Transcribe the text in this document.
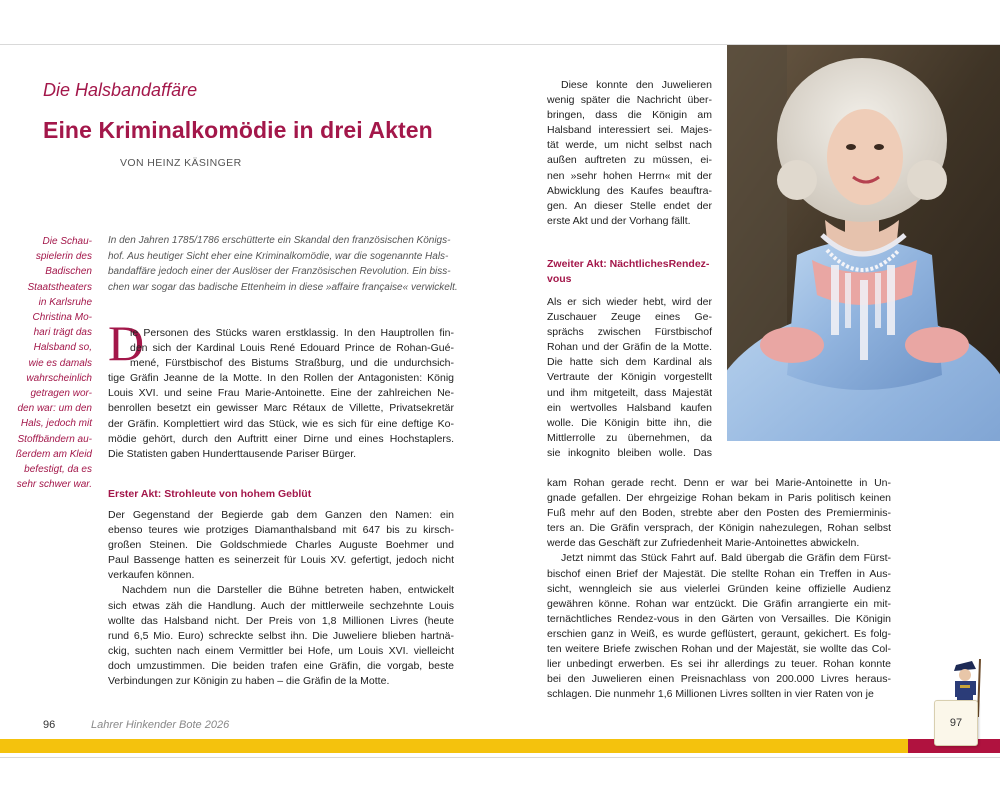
Die Halsbandaffäre
Eine Kriminalkomödie in drei Akten
VON HEINZ KÄSINGER
Die Schau-
spielerin des
Badischen
Staatstheaters
in Karlsruhe
Christina Mo-
hari trägt das
Halsband so,
wie es damals
wahrscheinlich
getragen wor-
den war: um den
Hals, jedoch mit
Stoffbändern au-
ßerdem am Kleid
befestigt, da es
sehr schwer war.
In den Jahren 1785/1786 erschütterte ein Skandal den französischen Königs-
hof. Aus heutiger Sicht eher eine Kriminalkomödie, war die sogenannte Hals-
bandaffäre jedoch einer der Auslöser der Französischen Revolution. Ein biss-
chen war sogar das badische Ettenheim in diese »affaire française« verwickelt.
D
ie Personen des Stücks waren erstklassig. In den Hauptrollen fin-
den sich der Kardinal Louis René Edouard Prince de Rohan-Gué-
mené, Fürstbischof des Bistums Straßburg, und die undurchsich-
tige Gräfin Jeanne de la Motte. In den Rollen der Antagonisten: König
Louis XVI. und seine Frau Marie-Antoinette. Eine der zahlreichen Ne-
benrollen besetzt ein gewisser Marc Rétaux de Villette, Privatsekretär
der Gräfin. Komplettiert wird das Stück, wie es sich für eine deftige Ko-
mödie gehört, durch den Auftritt einer Dirne und eines Hochstaplers.
Die Statisten gaben Hunderttausende Pariser Bürger.
Erster Akt: Strohleute von hohem Geblüt
Der Gegenstand der Begierde gab dem Ganzen den Namen: ein
ebenso teures wie protziges Diamanthalsband mit 647 bis zu kirsch-
großen Steinen. Die Goldschmiede Charles Auguste Boehmer und
Paul Bassenge hatten es seinerzeit für Louis XV. gefertigt, jedoch nicht
verkaufen können.
Nachdem nun die Darsteller die Bühne betreten haben, entwickelt
sich etwas zäh die Handlung. Auch der mittlerweile sechzehnte Louis
wollte das Halsband nicht. Der Preis von 1,8 Millionen Livres (heute
rund 6,5 Mio. Euro) schreckte selbst ihn. Die Juweliere blieben hartnä-
ckig, suchten nach einem Vermittler bei Hofe, um Louis XVI. vielleicht
doch umzustimmen. Die beiden trafen eine Gräfin, die vorgab, beste
Verbindungen zur Königin zu haben – die Gräfin de la Motte.
Diese konnte den Juwelieren
wenig später die Nachricht über-
bringen, dass die Königin am
Halsband interessiert sei. Majes-
tät werde, um nicht selbst nach
außen auftreten zu müssen, ei-
nen »sehr hohen Herrn« mit der
Abwicklung des Kaufes beauftra-
gen. An dieser Stelle endet der
erste Akt und der Vorhang fällt.
Zweiter Akt: NächtlichesRendez-vous
Als er sich wieder hebt, wird der
Zuschauer Zeuge eines Ge-
sprächs zwischen Fürstbischof
Rohan und der Gräfin de la Motte.
Die hatte sich dem Kardinal als
Vertraute der Königin vorgestellt
und ihm mitgeteilt, dass Majestät
ein wertvolles Halsband kaufen
wolle. Die Königin bitte ihn, die
Mittlerrolle zu übernehmen, da
sie inkognito bleiben wolle. Das
kam Rohan gerade recht. Denn er war bei Marie-Antoinette in Un-
gnade gefallen. Der ehrgeizige Rohan bekam in Paris politisch keinen
Fuß mehr auf den Boden, strebte aber den Posten des Premierminis-
ters an. Die Gräfin versprach, der Königin nahezulegen, Rohan selbst
werde das Geschäft zur Zufriedenheit Marie-Antoinettes abwickeln.
Jetzt nimmt das Stück Fahrt auf. Bald übergab die Gräfin dem Fürst-
bischof einen Brief der Majestät. Die stellte Rohan ein Treffen in Aus-
sicht, wenngleich sie aus vielerlei Gründen keine offizielle Audienz
gewähren könne. Rohan war entzückt. Die Gräfin arrangierte ein mit-
ternächtliches Rendez-vous in den Gärten von Versailles. Die Königin
erschien ganz in Weiß, es wurde geflüstert, geraunt, gekichert. Es folg-
ten weitere Briefe zwischen Rohan und der Majestät, sie wollte das Col-
lier unbedingt erwerben. Es sei ihr allerdings zu teuer. Rohan konnte
bei den Juwelieren einen Preisnachlass von 200.000 Livres heraus-
schlagen. Die nunmehr 1,6 Millionen Livres sollten in vier Raten von je
96	Lahrer Hinkender Bote 2026	97
